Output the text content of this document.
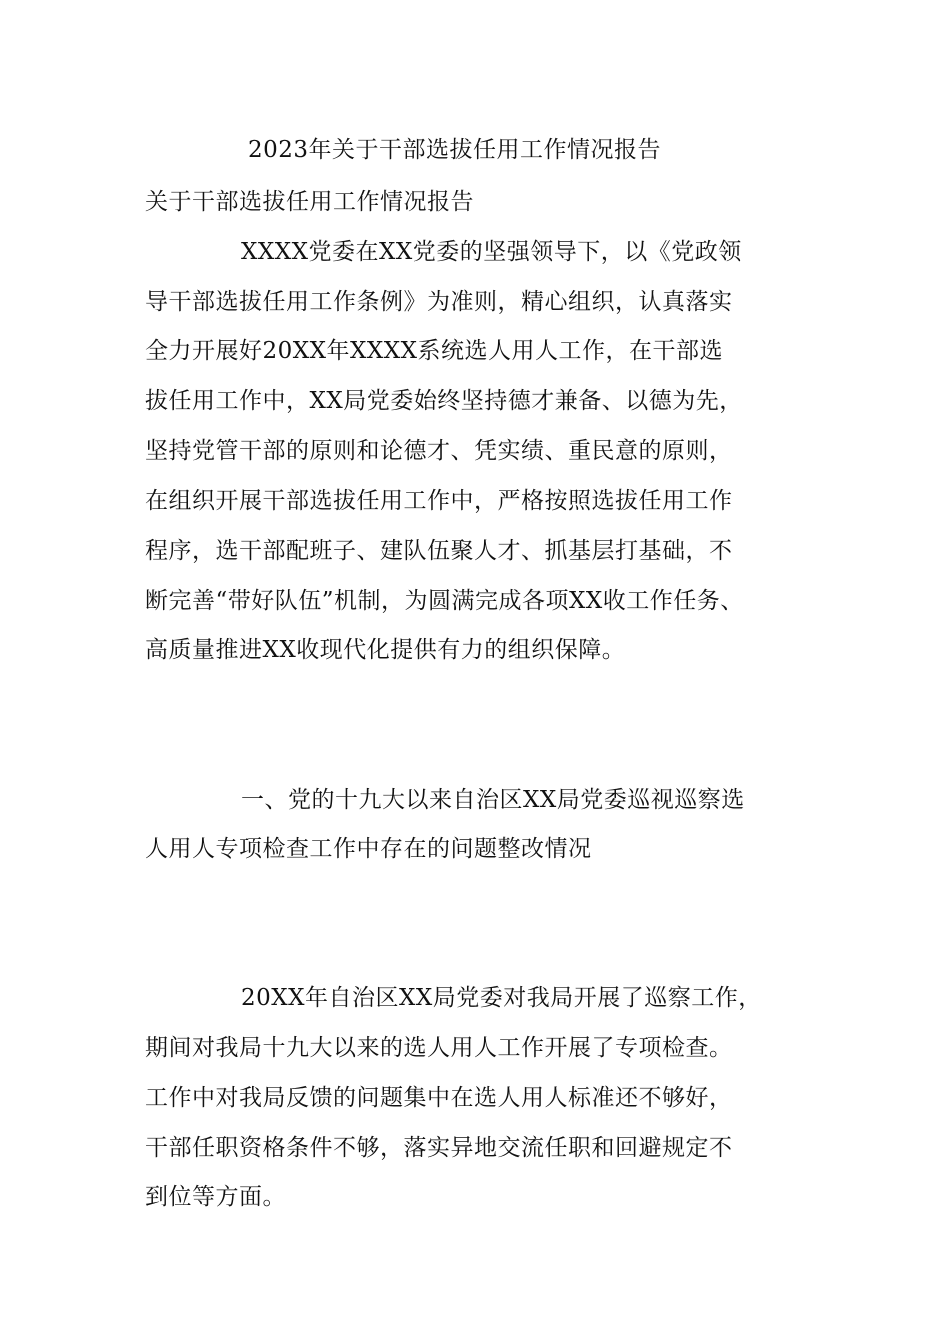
2023年关于干部选拔任用工作情况报告
关于干部选拔任用工作情况报告
XXXX党委在XX党委的坚强领导下，以《党政领
导干部选拔任用工作条例》为准则，精心组织，认真落实
全力开展好20XX年XXXX系统选人用人工作，在干部选
拔任用工作中，XX局党委始终坚持德才兼备、以德为先，
坚持党管干部的原则和论德才、凭实绩、重民意的原则，
在组织开展干部选拔任用工作中，严格按照选拔任用工作
程序，选干部配班子、建队伍聚人才、抓基层打基础，不
断完善“带好队伍”机制，为圆满完成各项XX收工作任务、
高质量推进XX收现代化提供有力的组织保障。
一、党的十九大以来自治区XX局党委巡视巡察选
人用人专项检查工作中存在的问题整改情况
20XX年自治区XX局党委对我局开展了巡察工作，
期间对我局十九大以来的选人用人工作开展了专项检查。
工作中对我局反馈的问题集中在选人用人标准还不够好，
干部任职资格条件不够，落实异地交流任职和回避规定不
到位等方面。
